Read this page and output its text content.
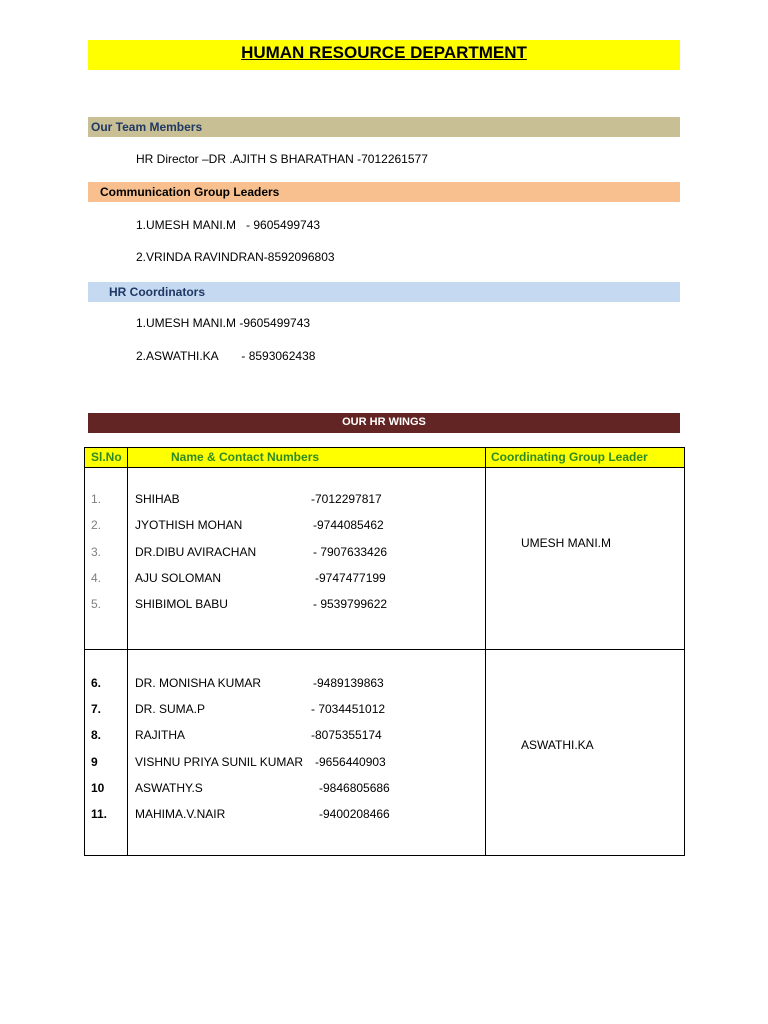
HUMAN RESOURCE DEPARTMENT
Our Team Members
HR Director –DR .AJITH S BHARATHAN -7012261577
Communication Group Leaders
1.UMESH MANI.M   - 9605499743
2.VRINDA RAVINDRAN-8592096803
HR Coordinators
1.UMESH MANI.M -9605499743
2.ASWATHI.KA       - 8593062438
OUR HR WINGS
Sl.No	Name & Contact Numbers	Coordinating Group Leader
1.	SHIHAB	-7012297817
2.	JYOTHISH MOHAN	-9744085462
3.	DR.DIBU AVIRACHAN	- 7907633426
4.	AJU SOLOMAN	-9747477199
5.	SHIBIMOL BABU	- 9539799622
UMESH MANI.M
6.	DR. MONISHA KUMAR	-9489139863
7.	DR. SUMA.P	- 7034451012
8.	RAJITHA	-8075355174
9	VISHNU PRIYA SUNIL KUMAR -9656440903
10	ASWATHY.S	-9846805686
11. MAHIMA.V.NAIR	-9400208466
ASWATHI.KA
